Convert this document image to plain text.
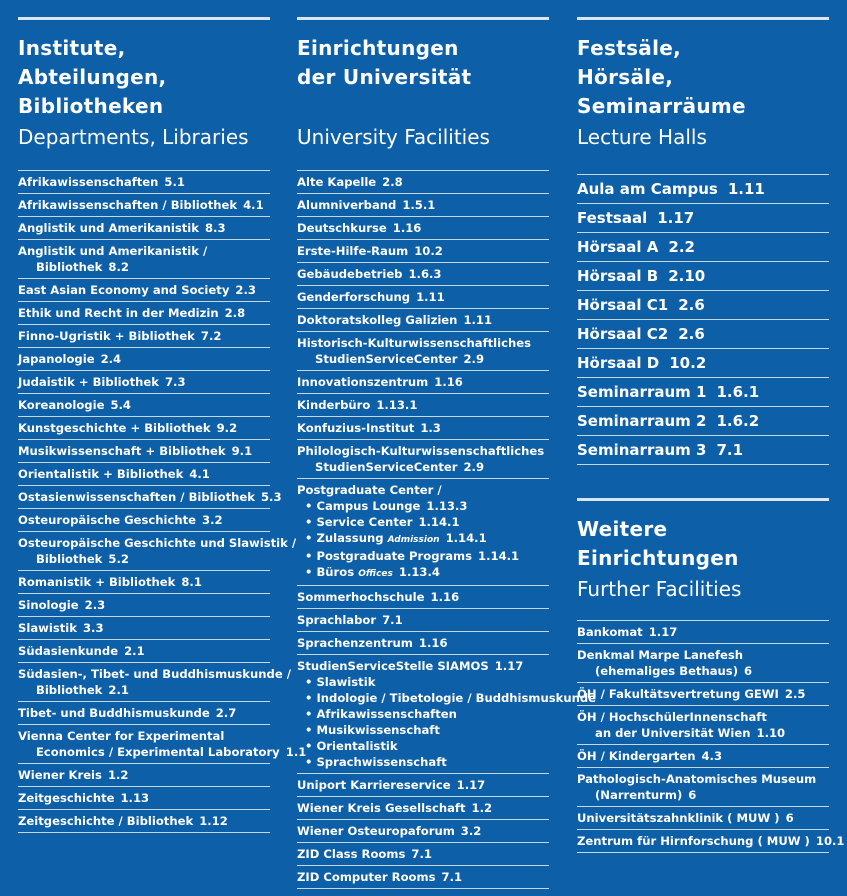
Institute,
Abteilungen,
Bibliotheken
Departments, Libraries
Afrikawissenschaften 5.1
Afrikawissenschaften / Bibliothek 4.1
Anglistik und Amerikanistik 8.3
Anglistik und Amerikanistik /
Bibliothek 8.2
East Asian Economy and Society 2.3
Ethik und Recht in der Medizin 2.8
Finno-Ugristik + Bibliothek 7.2
Japanologie 2.4
Judaistik + Bibliothek 7.3
Koreanologie 5.4
Kunstgeschichte + Bibliothek 9.2
Musikwissenschaft + Bibliothek 9.1
Orientalistik + Bibliothek 4.1
Ostasienwissenschaften / Bibliothek 5.3
Osteuropäische Geschichte 3.2
Osteuropäische Geschichte und Slawistik /
Bibliothek 5.2
Romanistik + Bibliothek 8.1
Sinologie 2.3
Slawistik 3.3
Südasienkunde 2.1
Südasien-, Tibet- und Buddhismuskunde /
Bibliothek 2.1
Tibet- und Buddhismuskunde 2.7
Vienna Center for Experimental
Economics / Experimental Laboratory 1.1
Wiener Kreis 1.2
Zeitgeschichte 1.13
Zeitgeschichte / Bibliothek 1.12
Einrichtungen
der Universität
University Facilities
Alte Kapelle 2.8
Alumniverband 1.5.1
Deutschkurse 1.16
Erste-Hilfe-Raum 10.2
Gebäudebetrieb 1.6.3
Genderforschung 1.11
Doktoratskolleg Galizien 1.11
Historisch-Kulturwissenschaftliches
StudienServiceCenter 2.9
Innovationszentrum 1.16
Kinderbüro 1.13.1
Konfuzius-Institut 1.3
Philologisch-Kulturwissenschaftliches
StudienServiceCenter 2.9
Postgraduate Center /
• Campus Lounge 1.13.3
• Service Center 1.14.1
• Zulassung Admission 1.14.1
• Postgraduate Programs 1.14.1
• Büros Offices 1.13.4
Sommerhochschule 1.16
Sprachlabor 7.1
Sprachenzentrum 1.16
StudienServiceStelle SIAMOS 1.17
• Slawistik
• Indologie / Tibetologie / Buddhismuskunde
• Afrikawissenschaften
• Musikwissenschaft
• Orientalistik
• Sprachwissenschaft
Uniport Karriereservice 1.17
Wiener Kreis Gesellschaft 1.2
Wiener Osteuropaforum 3.2
ZID Class Rooms 7.1
ZID Computer Rooms 7.1
Festsäle,
Hörsäle,
Seminarräume
Lecture Halls
Aula am Campus 1.11
Festsaal 1.17
Hörsaal A 2.2
Hörsaal B 2.10
Hörsaal C1 2.6
Hörsaal C2 2.6
Hörsaal D 10.2
Seminarraum 1 1.6.1
Seminarraum 2 1.6.2
Seminarraum 3 7.1
Weitere
Einrichtungen
Further Facilities
Bankomat 1.17
Denkmal Marpe Lanefesh
(ehemaliges Bethaus) 6
ÖH / Fakultätsvertretung GEWI 2.5
ÖH / HochschülerInnenschaft
an der Universität Wien 1.10
ÖH / Kindergarten 4.3
Pathologisch-Anatomisches Museum
(Narrenturm) 6
Universitätszahnklinik ( MUW ) 6
Zentrum für Hirnforschung ( MUW ) 10.1
